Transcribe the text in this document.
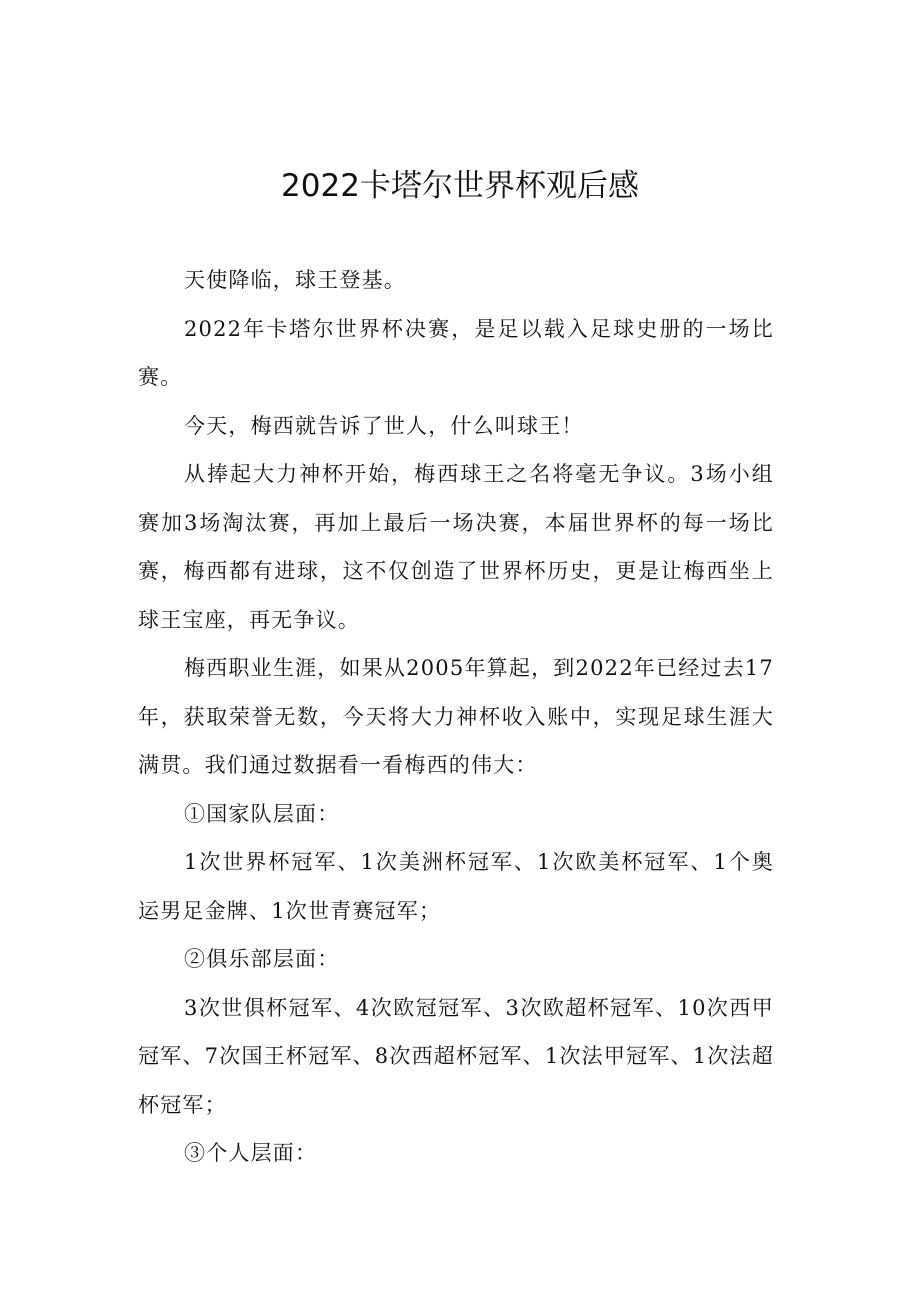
2022卡塔尔世界杯观后感

天使降临，球王登基。

2022年卡塔尔世界杯决赛，是足以载入足球史册的一场比赛。

今天，梅西就告诉了世人，什么叫球王！

从捧起大力神杯开始，梅西球王之名将毫无争议。3场小组赛加3场淘汰赛，再加上最后一场决赛，本届世界杯的每一场比赛，梅西都有进球，这不仅创造了世界杯历史，更是让梅西坐上球王宝座，再无争议。

梅西职业生涯，如果从2005年算起，到2022年已经过去17年，获取荣誉无数，今天将大力神杯收入账中，实现足球生涯大满贯。我们通过数据看一看梅西的伟大：

①国家队层面：

1次世界杯冠军、1次美洲杯冠军、1次欧美杯冠军、1个奥运男足金牌、1次世青赛冠军；

②俱乐部层面：

3次世俱杯冠军、4次欧冠冠军、3次欧超杯冠军、10次西甲冠军、7次国王杯冠军、8次西超杯冠军、1次法甲冠军、1次法超杯冠军；

③个人层面：
